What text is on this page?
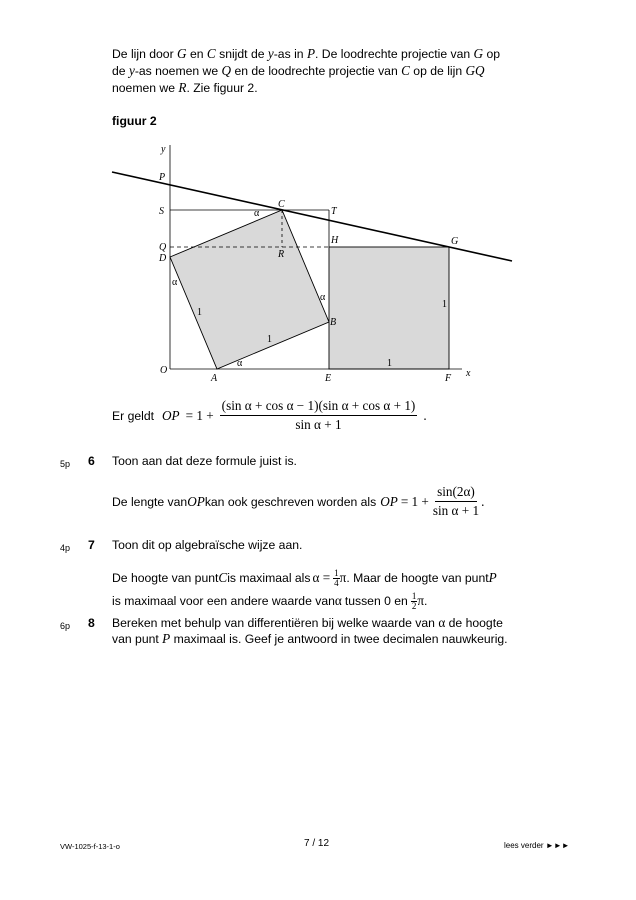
De lijn door G en C snijdt de y-as in P. De loodrechte projectie van G op
de y-as noemen we Q en de loodrechte projectie van C op de lijn GQ
noemen we R. Zie figuur 2.
figuur 2
y
P
S
C
T
α
Q
D
H	G
R
α
α
1
1
B
1
α	1
O
A	E	F x
Er geldt OP = $1 + \frac{\text{(sin α + cos α − 1)(sin α + cos α + 1)}}{\text{sin α + 1}}$ .
5p 6 Toon aan dat deze formule juist is.
De lengte van OP kan ook geschreven worden als OP = $1 + \frac{\sin(2\alpha)}{\text{sin α + 1}}$ .
4p 7 Toon dit op algebraïsche wijze aan.
De hoogte van punt C is maximaal als $\alpha = \frac{1}{4}$ π . Maar de hoogte van punt P
is maximaal voor een andere waarde van α tussen 0 en 1
2 π .
6p 8 Bereken met behulp van differentiëren bij welke waarde van α de hoogte
van punt P maximaal is. Geef je antwoord in twee decimalen nauwkeurig.
VW-1025-f-13-1-o	7 / 12	lees verder ►►►
